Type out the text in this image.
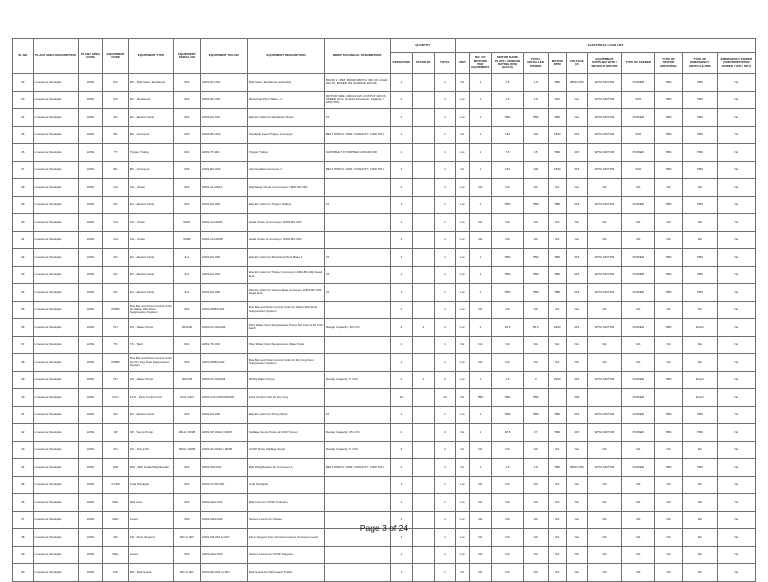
SL NO	PLANT AREA DESCRIPTION	PLANT AREA CODE	EQUIPMENT CODE	EQUIPMENT TYPE	EQUIPMENT SERIAL NO	EQUIPMENT TAG NO	EQUIPMENT DESCRIPTION	BRIEF TECHNICAL PARAMETERS	QUANTITY			ELECTRICAL LOAD LIST										
									OPERATING	STAND BY	TOTAL	UNIT	NO. OF MOTORS PER EQUIPMENT	MOTOR NAME PLATE / VENDOR RATING (KW) (EACH)	TOTAL INSTALLED POWER	MOTOR RPM	VOLTAGE (V)	EQUIPMENT SUPPLIED WITH / WITHOUT MOTOR	TYPE OF FEEDER	TYPE OF MOTOR MOUNTING	TYPE OF EMERGENCY SWITCH & PBS	EMERGENCY POWER (UNINTERRUPTED POWER / VFD / KEY)
22	Limestone Stockpile	LM01	RC	RC - Rail Gate / Reclaimer	001	LM01-RC-001	Rail Gate / Reclaimer Assembly	BOOM L: 35M; BOOM WIDTH: 6M; OF LOAD: 200 t/h; BASED ON CHARGE 10% EL.	1		1	No	1	1.5	1.5	TBD	2850 LPM	WITH MOTOR	POWER	TBD	TBD	No
23	Limestone Stockpile	LM01	RC	RC - Reclaimer	001	LM01-RC-001	Motorized Pivot Table - 1	MOTOR SIZE: 200X22 kW; OUTPUT 300 t/h; SPEED 2m/s; Overall dimension; capacity = 1800 TPH	1		1	Lot	1	1.5	1.5	200	NA	WITH MOTOR	VFD	TBD	TBD	No
24	Limestone Stockpile	LM01	EV	EV - Electric Hoist	001	LM01-EV-001	Electric Hoist for Reclaimer Room	2T	1		1	Lot	1	TBD	TBD	TBD	NA	WITH MOTOR	POWER	TBD	TBD	No
25	Limestone Stockpile	LM01	BC	BC - Conveyor	002	LM01-BC-002	Stockpile Feed Tripper Conveyor	BELT WIDTH: 1000; CAPACITY: 1000 TPH	1		1	No	1	132	132	1500	415	WITH MOTOR	VFD	TBD	TBD	No
26	Limestone Stockpile	LM01	TT	Tripper Trolley	001	LM01-TT-001	Tripper Trolley	SUITABLE TO TRIPPER CONVEYOR	1		1	Lot	1	7.5	15	TBD	415	WITH MOTOR	POWER	TBD	TBD	No
27	Limestone Stockpile	LM01	BC	BC - Conveyor	004	LM01-BC-004	Intermediate Conveyor-1	BELT WIDTH: 1000; CAPACITY: 1000 TPH	1		1	No	1	132	132	1500	415	WITH MOTOR	VFD	TBD	TBD	No
28	Limestone Stockpile	LM01	CH	CH - Chute	001	LM01-CH-001A	Discharge Chute of Conveyor LM01-BC-001		1		1	Lot	NA	NA	NA	NA	NA	NA	NA	NA	NA	No
29	Limestone Stockpile	LM01	EV	EV - Electric Hoist	001	LM01-EV-002	Electric Hoist for Tripper Gallery	2T	1		1	Lot	1	TBD	TBD	TBD	415	WITH MOTOR	POWER	TBD	TBD	No
30	Limestone Stockpile	LM01	CH	CH - Chute	002A	LM01-CH-002A	Head Chute of Conveyor LM01-BC-002		1		1	Lot	NA	NA	NA	NA	NA	NA	NA	NA	NA	No
31	Limestone Stockpile	LM01	CH	CH - Chute	003B	LM01-CH-003B	Head Chute of Conveyor LM01-BC-003		1		1	Lot	NA	NA	NA	NA	NA	NA	NA	NA	NA	No
32	Limestone Stockpile	LM01	EV	EV - Electric Hoist	E-1	LM01-EV-003	Electric Hoist for Motorized Pivot Base 1	2T	1		1	Lot	1	TBD	TBD	TBD	415	WITH MOTOR	POWER	TBD	TBD	No
33	Limestone Stockpile	LM01	EV	EV - Electric Hoist	E-2	LM01-EV-004	Electric Hoist for Tripper Conveyor LM01-BC-002 Head End	2T	1		1	Lot	1	TBD	TBD	TBD	415	WITH MOTOR	POWER	TBD	TBD	No
34	Limestone Stockpile	LM01	EV	EV - Electric Hoist	E-3	LM01-EV-005	Electric Hoist for Intermediate Conveyor LM01-BC-004 Head End	2T	1		1	Lot	1	TBD	TBD	TBD	415	WITH MOTOR	POWER	TBD	TBD	No
35	Limestone Stockpile	LM01	PRBS	Bus Bar and Flow Control Units for Water Mist Dust Suppression System	001	LM01-PRBS-001	Bus Bar and Flow Control Units for Water Mist Dust Suppression System		1		1	Lot	NA	NA	NA	NA	NA	NA	NA	NA	NA	No
36	Limestone Stockpile	LM01	PU	PU - Water Pump	001A/B	LM01-PU-001A/B	Pipe Water Dust Suppression Pump Set Cap of 30 m³/h Each	Design Capacity: 30 m³/h	2	1	3	Lot	1	18.5	55.5	2900	415	WITH MOTOR	POWER	TBD	Direct	No
37	Limestone Stockpile	LM01	TK	TK - Tank	001	LM01-TK-001	Pipe Water Dust Suppression Water Tank		1		1	No	NA	NA	NA	NA	NA	NA	NA	NA	NA	No
38	Limestone Stockpile	LM01	PRBS	Bus Bar and Flow Control Units for Dry Fog Dust Suppression System	002	LM01-PRBS-002	Bus Bar and Flow Control Units for Dry Fog Dust Suppression System		1		1	Lot	NA	NA	NA	NA	NA	NA	NA	NA	NA	No
39	Limestone Stockpile	LM01	PU	PU - Water Pump	002A/B	LM01-PU-002A/B	DFDS Water Pump	Design Capacity: 5 m³/h	1	1	2	Lot	1	1.5	3	2900	415	WITH MOTOR	POWER	TBD	Direct	No
40	Limestone Stockpile	LM01	FCU	FCU - Flow Control Unit	FCU-1/2/3	LM01-FCU-001/002/003	Flow Control Unit for Dry Fog		10		10	No	TBD	TBD	TBD		230		POWER		Direct	No
41	Limestone Stockpile	LM01	EV	EV - Electric Hoist	001	LM01-EV-006	Electric Hoist for Pump Shed	2T	1		1	Lot	1	TBD	TBD	TBD	415	WITH MOTOR	POWER	TBD	TBD	No
42	Limestone Stockpile	LM01	SP	SP - Sump Pump	001A / 001B	LM01-SP-001A / 001B	Spillage Sump Pump at CCR Tunnel	Design Capacity: 25 m³/h	2		2	No	1	18.5	37	TBD	415	WITH MOTOR	POWER	TBD	TBD	No
43	Limestone Stockpile	LM01	SU	SU - Sump Pit	002A / 002B	LM01-SU-002A / 002B	CCSP Drive Spillage Sump	Design Capacity: 5 m³/h	2		2	No	NA	NA	NA	NA	NA	NA	NA	NA	NA	No
44	Limestone Stockpile	LM01	WG	WG - Belt Scale/Weighfeeder	001	LM01-WG-001	Belt Weighfeeder for Conveyor-1	BELT WIDTH: 1000; CAPACITY: 1000 TPH	1		1	No	1	1.5	1.5	TBD	2850 LPM	WITH MOTOR	POWER	TBD	TBD	No
45	Limestone Stockpile	LM01	CCSP	Coal Stockpile	001	LM01-CCSP-001	Coal Stockpile		1		1	Lot	NA	NA	NA	NA	NA	NA	NA	NA	NA	No
46	Limestone Stockpile	LM01	Misc	Rail Liner	001	LM01-Misc-001	Rail Liner for CCSP Columns		1		1	Lot	NA	NA	NA	NA	NA	NA	NA	NA	NA	No
47	Limestone Stockpile	LM01	Misc	Liners	002	LM01-Misc-002	Screen Liners for Chutes		1		1	Lot	NA	NA	NA	NA	NA	NA	NA	NA	NA	No
48	Limestone Stockpile	LM01	FR	FR - Floor Support	001 to 007	LM01-FR-001 to 007	Floor Support from Ground Level to Conveyor Level		1		1	Lot	NA	NA	NA	NA	NA	NA	NA	NA	NA	No
49	Limestone Stockpile	LM01	Misc	Liners	003	LM01-Misc-003	Screen Liners for CCSP Hoppers		1		1	Lot	NA	NA	NA	NA	NA	NA	NA	NA	NA	No
50	Limestone Stockpile	LM01	RD	RD - Rail Guard	001 to 007	LM01-RD-001 to 007	Rail Guard for Rail Guard Tracks		7		7	No	NA	NA	NA	NA	NA	NA	NA	NA	NA	No
Page 3 of 24
